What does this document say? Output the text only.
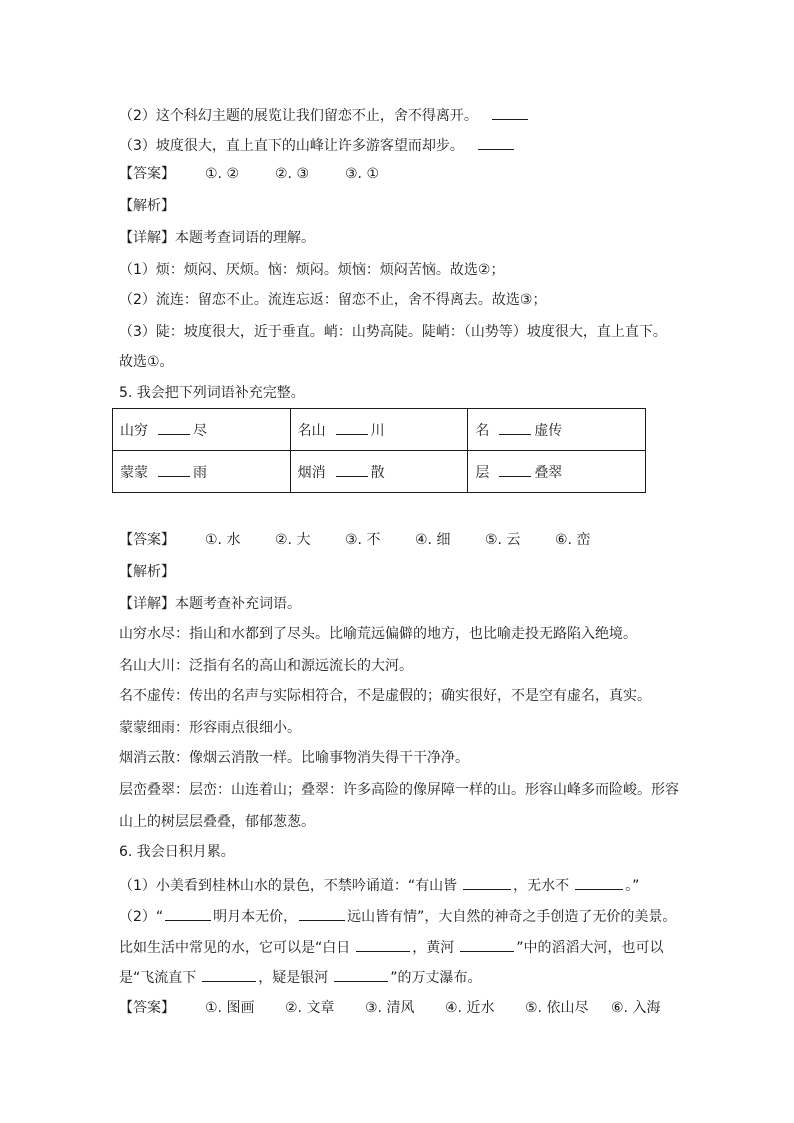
（2）这个科幻主题的展览让我们留恋不止，舍不得离开。
（3）坡度很大，直上直下的山峰让许多游客望而却步。
【答案】 ①. ②	②. ③	③. ①
【解析】
【详解】本题考查词语的理解。
（1）烦：烦闷、厌烦。恼：烦闷。烦恼：烦闷苦恼。故选②；
（2）流连：留恋不止。流连忘返：留恋不止，舍不得离去。故选③；
（3）陡：坡度很大，近于垂直。峭：山势高陡。陡峭：（山势等）坡度很大，直上直下。
故选①。
5. 我会把下列词语补充完整。
山穷 尽	名山 川	名 虚传
蒙蒙 雨	烟消 散	层 叠翠
【答案】 ①. 水 ②. 大 ③. 不 ④. 细 ⑤. 云 ⑥. 峦
【解析】
【详解】本题考查补充词语。
山穷水尽：指山和水都到了尽头。比喻荒远偏僻的地方，也比喻走投无路陷入绝境。
名山大川：泛指有名的高山和源远流长的大河。
名不虚传：传出的名声与实际相符合，不是虚假的；确实很好，不是空有虚名，真实。
蒙蒙细雨：形容雨点很细小。
烟消云散：像烟云消散一样。比喻事物消失得干干净净。
层峦叠翠：层峦：山连着山；叠翠：许多高险的像屏障一样的山。形容山峰多而险峻。形容
山上的树层层叠叠，郁郁葱葱。
6. 我会日积月累。
（1）小美看到桂林山水的景色，不禁吟诵道：“有山皆	，无水不	。”
（2）“	明月本无价，	远山皆有情”，大自然的神奇之手创造了无价的美景。
比如生活中常见的水，它可以是“白日	，黄河	”中的滔滔大河，也可以
是“飞流直下	，疑是银河	”的万丈瀑布。
【答案】 ①. 图画 ②. 文章 ③. 清风 ④. 近水 ⑤. 依山尽 ⑥. 入海
